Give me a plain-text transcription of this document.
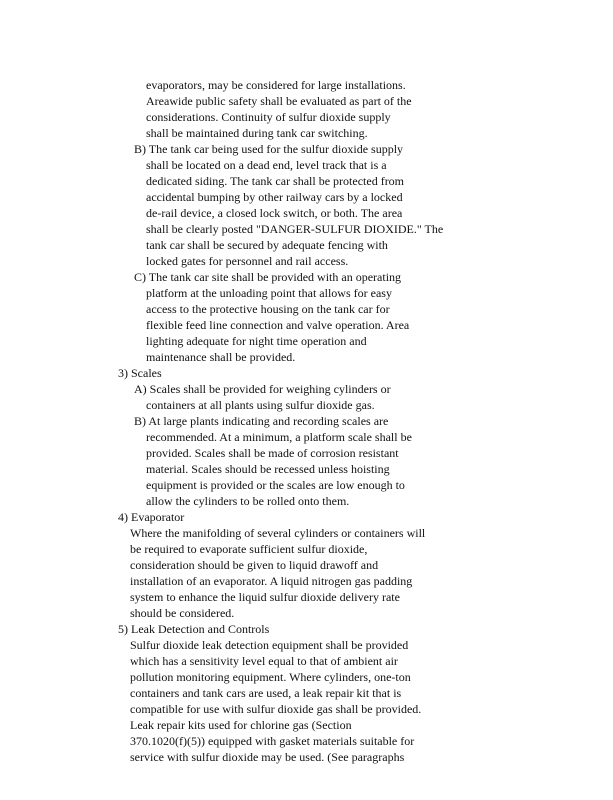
evaporators, may be considered for large installations.
Areawide public safety shall be evaluated as part of the
considerations. Continuity of sulfur dioxide supply
shall be maintained during tank car switching.
B) The tank car being used for the sulfur dioxide supply
shall be located on a dead end, level track that is a
dedicated siding. The tank car shall be protected from
accidental bumping by other railway cars by a locked
de-rail device, a closed lock switch, or both. The area
shall be clearly posted "DANGER-SULFUR DIOXIDE." The
tank car shall be secured by adequate fencing with
locked gates for personnel and rail access.
C) The tank car site shall be provided with an operating
platform at the unloading point that allows for easy
access to the protective housing on the tank car for
flexible feed line connection and valve operation. Area
lighting adequate for night time operation and
maintenance shall be provided.
3) Scales
A) Scales shall be provided for weighing cylinders or
containers at all plants using sulfur dioxide gas.
B) At large plants indicating and recording scales are
recommended. At a minimum, a platform scale shall be
provided. Scales shall be made of corrosion resistant
material. Scales should be recessed unless hoisting
equipment is provided or the scales are low enough to
allow the cylinders to be rolled onto them.
4) Evaporator
Where the manifolding of several cylinders or containers will
be required to evaporate sufficient sulfur dioxide,
consideration should be given to liquid drawoff and
installation of an evaporator. A liquid nitrogen gas padding
system to enhance the liquid sulfur dioxide delivery rate
should be considered.
5) Leak Detection and Controls
Sulfur dioxide leak detection equipment shall be provided
which has a sensitivity level equal to that of ambient air
pollution monitoring equipment. Where cylinders, one-ton
containers and tank cars are used, a leak repair kit that is
compatible for use with sulfur dioxide gas shall be provided.
Leak repair kits used for chlorine gas (Section
370.1020(f)(5)) equipped with gasket materials suitable for
service with sulfur dioxide may be used. (See paragraphs
